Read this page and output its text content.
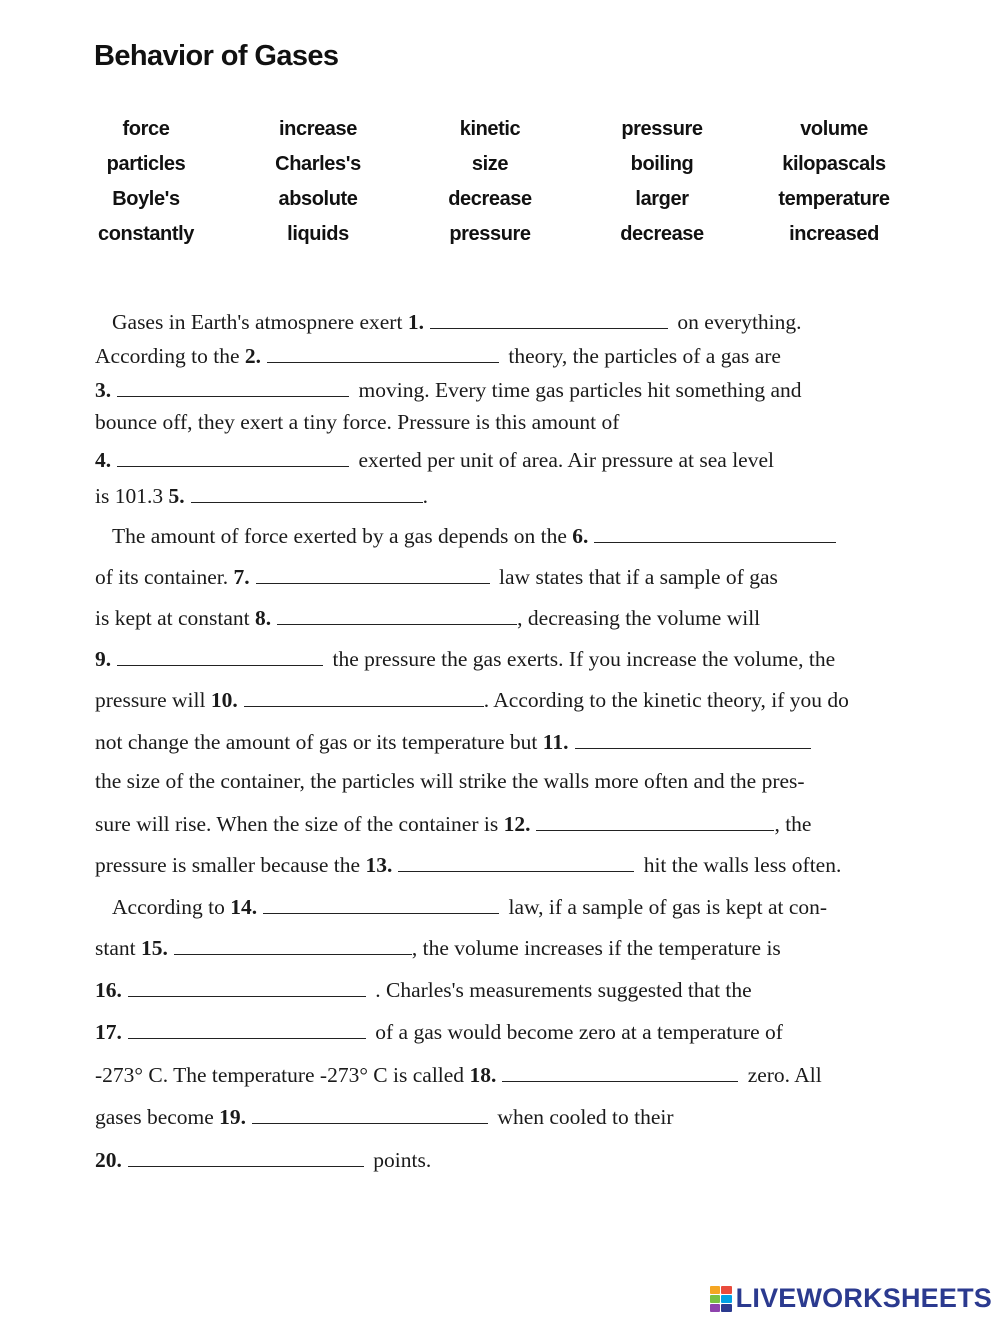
Behavior of Gases
force	increase	kinetic	pressure	volume
particles	Charles's	size	boiling	kilopascals
Boyle's	absolute	decrease	larger	temperature
constantly	liquids	pressure	decrease	increased
Gases in Earth's atmospnere exert 1.	on everything.
According to the 2.	theory, the particles of a gas are
3.	moving. Every time gas particles hit something and
bounce off, they exert a tiny force. Pressure is this amount of
4.	exerted per unit of area. Air pressure at sea level
is 101.3 5.	.
The amount of force exerted by a gas depends on the 6.
of its container. 7.	law states that if a sample of gas
is kept at constant 8.	, decreasing the volume will
9.	the pressure the gas exerts. If you increase the volume, the
pressure will 10.	. According to the kinetic theory, if you do
not change the amount of gas or its temperature but 11.
the size of the container, the particles will strike the walls more often and the pres-
sure will rise. When the size of the container is 12.	, the
pressure is smaller because the 13.	hit the walls less often.
According to 14.	law, if a sample of gas is kept at con-
stant 15.	, the volume increases if the temperature is
16.	. Charles's measurements suggested that the
17.	of a gas would become zero at a temperature of
-273° C. The temperature -273° C is called 18.	zero. All
gases become 19.	when cooled to their
20.	points.
LIVEWORKSHEETS
